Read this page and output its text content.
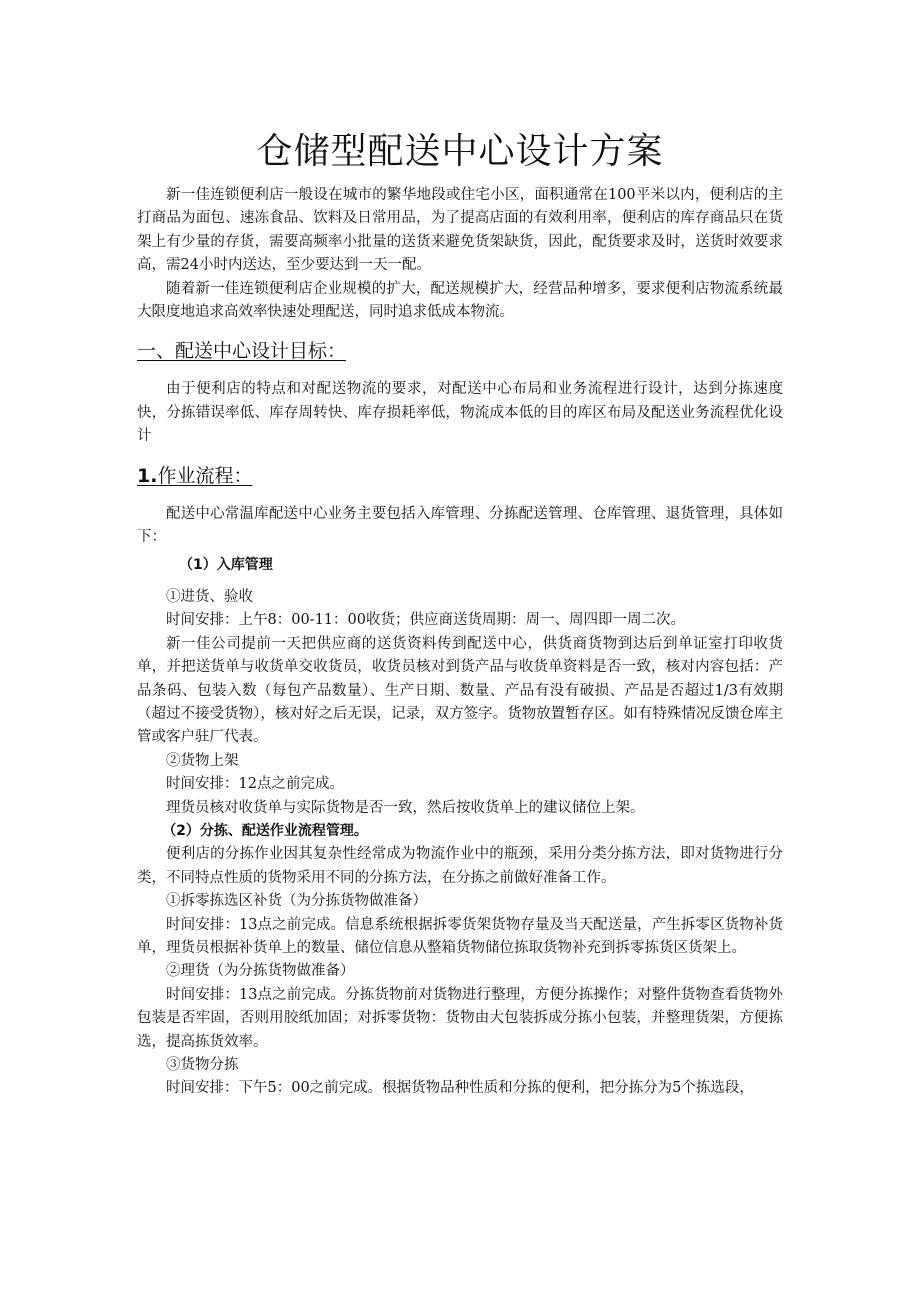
仓储型配送中心设计方案

新一佳连锁便利店一般设在城市的繁华地段或住宅小区，面积通常在100平米以内，便利店的主打商品为面包、速冻食品、饮料及日常用品，为了提高店面的有效利用率，便利店的库存商品只在货架上有少量的存货，需要高频率小批量的送货来避免货架缺货，因此，配货要求及时，送货时效要求高，需24小时内送达，至少要达到一天一配。

随着新一佳连锁便利店企业规模的扩大，配送规模扩大，经营品种增多，要求便利店物流系统最大限度地追求高效率快速处理配送，同时追求低成本物流。

一、配送中心设计目标：

由于便利店的特点和对配送物流的要求，对配送中心布局和业务流程进行设计，达到分拣速度快，分拣错误率低、库存周转快、库存损耗率低，物流成本低的目的库区布局及配送业务流程优化设计

1.作业流程：

配送中心常温库配送中心业务主要包括入库管理、分拣配送管理、仓库管理、退货管理，具体如下：

（1）入库管理

①进货、验收

时间安排：上午8：00-11：00收货；供应商送货周期：周一、周四即一周二次。

新一佳公司提前一天把供应商的送货资料传到配送中心，供货商货物到达后到单证室打印收货单，并把送货单与收货单交收货员，收货员核对到货产品与收货单资料是否一致，核对内容包括：产品条码、包装入数（每包产品数量）、生产日期、数量、产品有没有破损、产品是否超过1/3有效期（超过不接受货物），核对好之后无误，记录，双方签字。货物放置暂存区。如有特殊情况反馈仓库主管或客户驻厂代表。

②货物上架

时间安排：12点之前完成。

理货员核对收货单与实际货物是否一致，然后按收货单上的建议储位上架。

（2）分拣、配送作业流程管理。

便利店的分拣作业因其复杂性经常成为物流作业中的瓶颈，采用分类分拣方法，即对货物进行分类，不同特点性质的货物采用不同的分拣方法，在分拣之前做好准备工作。

①拆零拣选区补货（为分拣货物做准备）

时间安排：13点之前完成。信息系统根据拆零货架货物存量及当天配送量，产生拆零区货物补货单，理货员根据补货单上的数量、储位信息从整箱货物储位拣取货物补充到拆零拣货区货架上。

②理货（为分拣货物做准备）

时间安排：13点之前完成。分拣货物前对货物进行整理，方便分拣操作；对整件货物查看货物外包装是否牢固，否则用胶纸加固；对拆零货物：货物由大包装拆成分拣小包装，并整理货架，方便拣选，提高拣货效率。

③货物分拣

时间安排：下午5：00之前完成。根据货物品种性质和分拣的便利，把分拣分为5个拣选段，
